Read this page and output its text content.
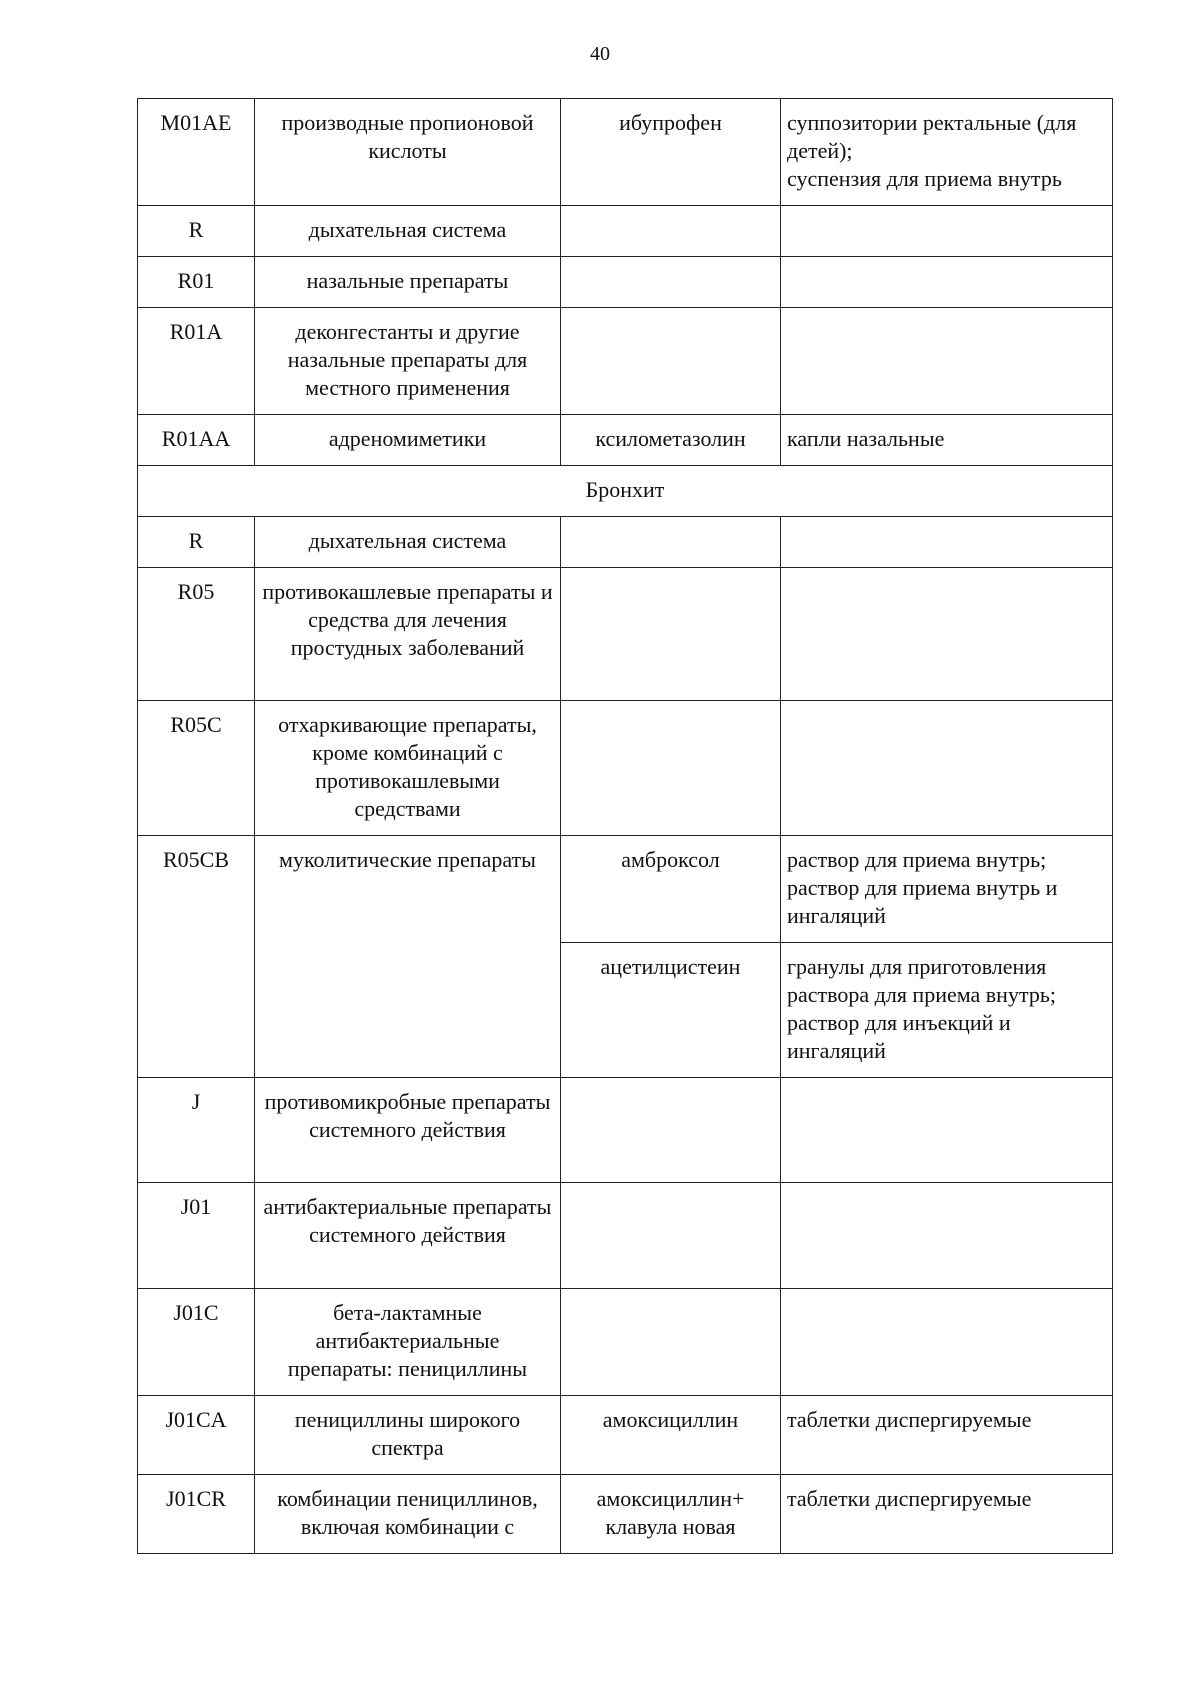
40
M01AE	производные пропионовой кислоты	ибупрофен	суппозитории ректальные (для детей);
суспензия для приема внутрь
R	дыхательная система		
R01	назальные препараты		
R01A	деконгестанты и другие назальные препараты для местного применения		
R01AA	адреномиметики	ксилометазолин	капли назальные
Бронхит			
R	дыхательная система		
R05	противокашлевые препараты и средства для лечения простудных заболеваний		
R05C	отхаркивающие препараты, кроме комбинаций с противокашлевыми средствами		
R05CB	муколитические препараты	амброксол	раствор для приема внутрь;
раствор для приема внутрь и ингаляций
		ацетилцистеин	гранулы для приготовления раствора для приема внутрь;
раствор для инъекций и ингаляций
J	противомикробные препараты системного действия		
J01	антибактериальные препараты системного действия		
J01C	бета-лактамные антибактериальные препараты: пенициллины		
J01CA	пенициллины широкого спектра	амоксициллин	таблетки диспергируемые
J01CR	комбинации пенициллинов, включая комбинации с	амоксициллин+ клавула новая	таблетки диспергируемые
